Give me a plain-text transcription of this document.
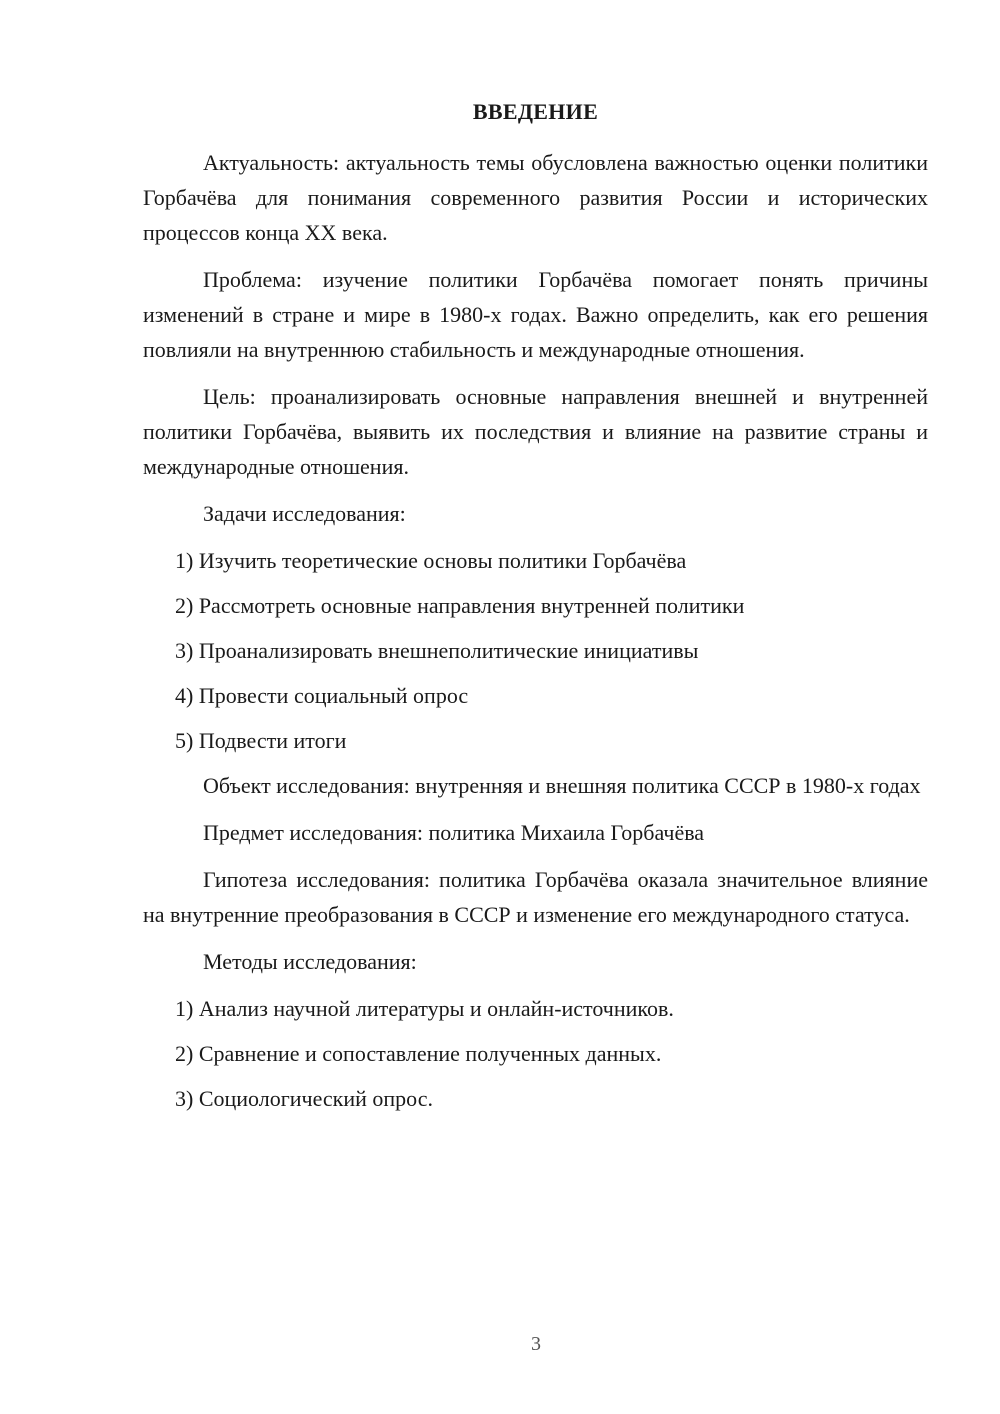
ВВЕДЕНИЕ

Актуальность: актуальность темы обусловлена важностью оценки политики Горбачёва для понимания современного развития России и исторических процессов конца XX века.

Проблема: изучение политики Горбачёва помогает понять причины изменений в стране и мире в 1980-х годах. Важно определить, как его решения повлияли на внутреннюю стабильность и международные отношения.

Цель: проанализировать основные направления внешней и внутренней политики Горбачёва, выявить их последствия и влияние на развитие страны и международные отношения.

Задачи исследования:

1) Изучить теоретические основы политики Горбачёва
2) Рассмотреть основные направления внутренней политики
3) Проанализировать внешнеполитические инициативы
4) Провести социальный опрос
5) Подвести итоги

Объект исследования: внутренняя и внешняя политика СССР в 1980-х годах

Предмет исследования: политика Михаила Горбачёва

Гипотеза исследования: политика Горбачёва оказала значительное влияние на внутренние преобразования в СССР и изменение его международного статуса.

Методы исследования:

1) Анализ научной литературы и онлайн-источников.
2) Сравнение и сопоставление полученных данных.
3) Социологический опрос.
3
